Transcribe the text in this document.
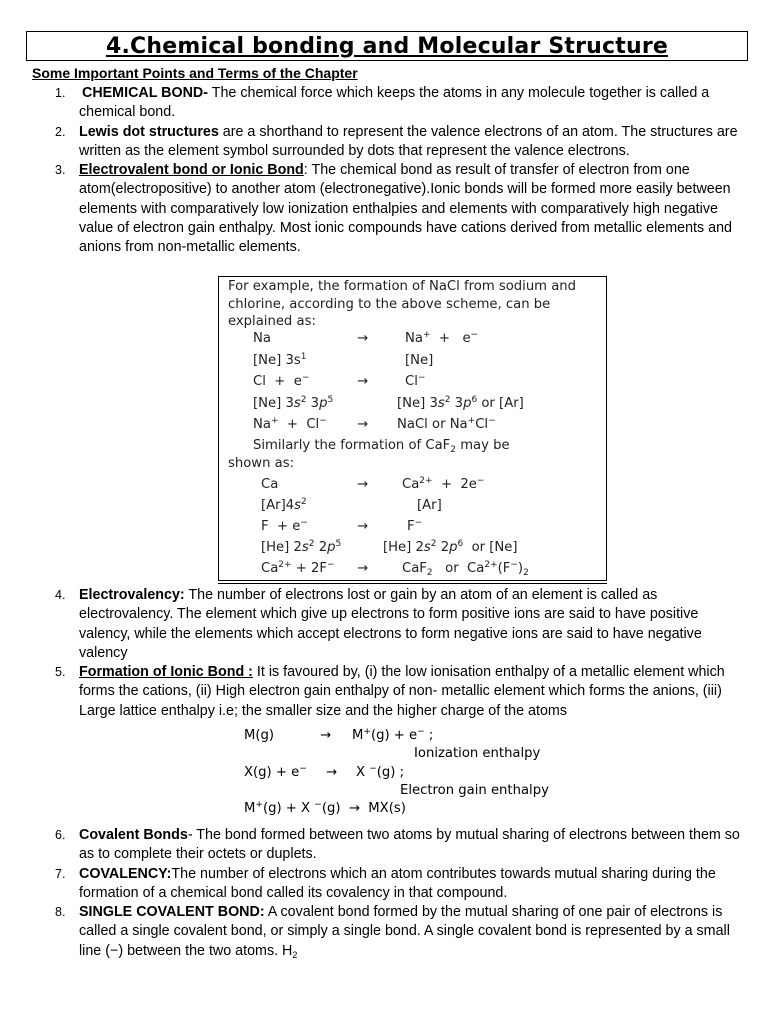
4.Chemical bonding and Molecular Structure
Some Important Points and Terms of the Chapter
1. CHEMICAL BOND- The chemical force which keeps the atoms in any molecule together is called a chemical bond.
2. Lewis dot structures are a shorthand to represent the valence electrons of an atom. The structures are written as the element symbol surrounded by dots that represent the valence electrons.
3. Electrovalent bond or Ionic Bond: The chemical bond as result of transfer of electron from one atom(electropositive) to another atom (electronegative).Ionic bonds will be formed more easily between elements with comparatively low ionization enthalpies and elements with comparatively high negative value of electron gain enthalpy. Most ionic compounds have cations derived from metallic elements and anions from non-metallic elements.
For example, the formation of NaCl from sodium and chlorine, according to the above scheme, can be explained as:
Na	→	Na+  +   e−
[Ne] $3s^1$	[Ne]
Cl  +  e−	→	Cl−
[Ne] $3s^2$ $3p^5$	[Ne] $3s^2$ $3p^6$ or [Ar]
Na+  +  Cl− → NaCl or Na+Cl−
Similarly the formation of CaF$_2$ may be
shown as:
Ca	→	$Ca^{2+} + 2e^-$
$[Ar]4s^2$	[Ar]
F  + e−	→	F−
[He] $2s^2$ $2p^5$	[He] $2s^2$ $2p^6$  or [Ne]
$Ca^{2+} + 2F^-$ →	CaF$_2$   or  $Ca^{2+}(F^-)_2$
4. Electrovalency: The number of electrons lost or gain by an atom of an element is called as electrovalency. The element which give up electrons to form positive ions are said to have positive valency, while the elements which accept electrons to form negative ions are said to have negative valency
5. Formation of Ionic Bond : It is favoured by, (i) the low ionisation enthalpy of a metallic element which forms the cations, (ii) High electron gain enthalpy of non- metallic element which forms the anions, (iii) Large lattice enthalpy i.e; the smaller size and the higher charge of the atoms
M(g)	→ M+(g) + e− ;
Ionization enthalpy
X(g) + e− → X −(g) ;
Electron gain enthalpy
M+(g) + X −(g)  →  MX(s)
6. Covalent Bonds- The bond formed between two atoms by mutual sharing of electrons between them so as to complete their octets or duplets.
7. COVALENCY:The number of electrons which an atom contributes towards mutual sharing during the formation of a chemical bond called its covalency in that compound.
8. SINGLE COVALENT BOND: A covalent bond formed by the mutual sharing of one pair of electrons is called a single covalent bond, or simply a single bond. A single covalent bond is represented by a small line (−) between the two atoms. $H_2$
